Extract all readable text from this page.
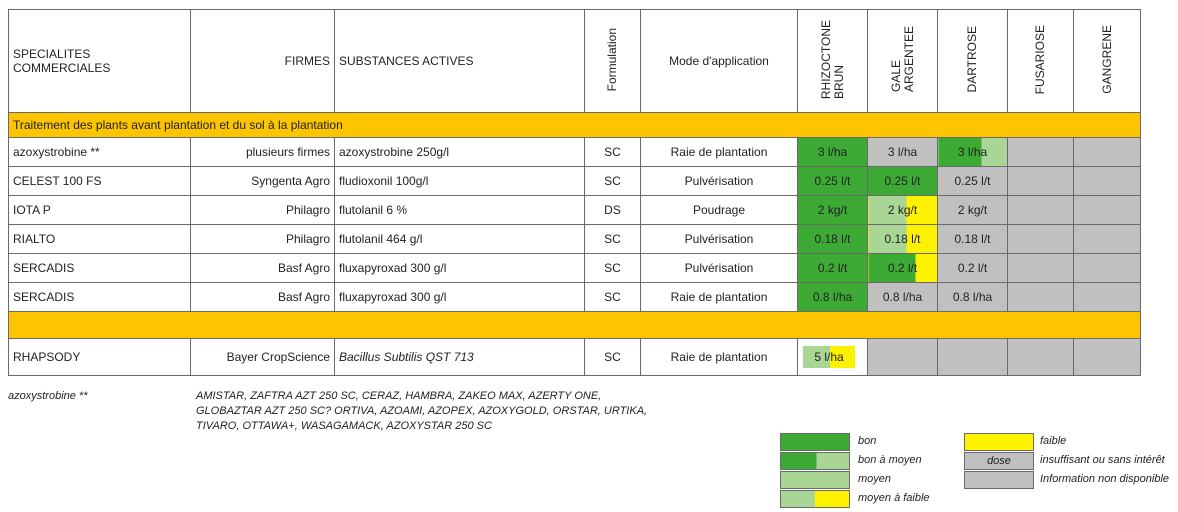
SPECIALITES
COMMERCIALES	FIRMES	SUBSTANCES ACTIVES	Formulation	Mode d'application	RHIZOCTONEBRUN	GALEARGENTEE	DARTROSE	FUSARIOSE	GANGRENE
Traitement des plants avant plantation et du sol à la plantation									
azoxystrobine **	plusieurs firmes	azoxystrobine 250g/l	SC	Raie de plantation	3 l/ha	3 l/ha	3 l/ha		
CELEST 100 FS	Syngenta Agro	fludioxonil 100g/l	SC	Pulvérisation	0.25 l/t	0.25 l/t	0.25 l/t		
IOTA P	Philagro	flutolanil 6 %	DS	Poudrage	2 kg/t	2 kg/t	2 kg/t		
RIALTO	Philagro	flutolanil 464 g/l	SC	Pulvérisation	0.18 l/t	0.18 l/t	0.18 l/t		
SERCADIS	Basf Agro	fluxapyroxad 300 g/l	SC	Pulvérisation	0.2 l/t	0.2 l/t	0.2 l/t		
SERCADIS	Basf Agro	fluxapyroxad 300 g/l	SC	Raie de plantation	0.8 l/ha	0.8 l/ha	0.8 l/ha		

RHAPSODY	Bayer CropScience	Bacillus Subtilis QST 713	SC	Raie de plantation	5 l/ha				

azoxystrobine **	AMISTAR, ZAFTRA AZT 250 SC, CERAZ, HAMBRA, ZAKEO MAX, AZERTY ONE,
GLOBAZTAR AZT 250 SC? ORTIVA, AZOAMI, AZOPEX, AZOXYGOLD, ORSTAR, URTIKA,
TIVARO, OTTAWA+, WASAGAMACK, AZOXYSTAR 250 SC
bon
bon à moyen
moyen
moyen à faible
faible
dose	insuffisant ou sans intérêt
Information non disponible
